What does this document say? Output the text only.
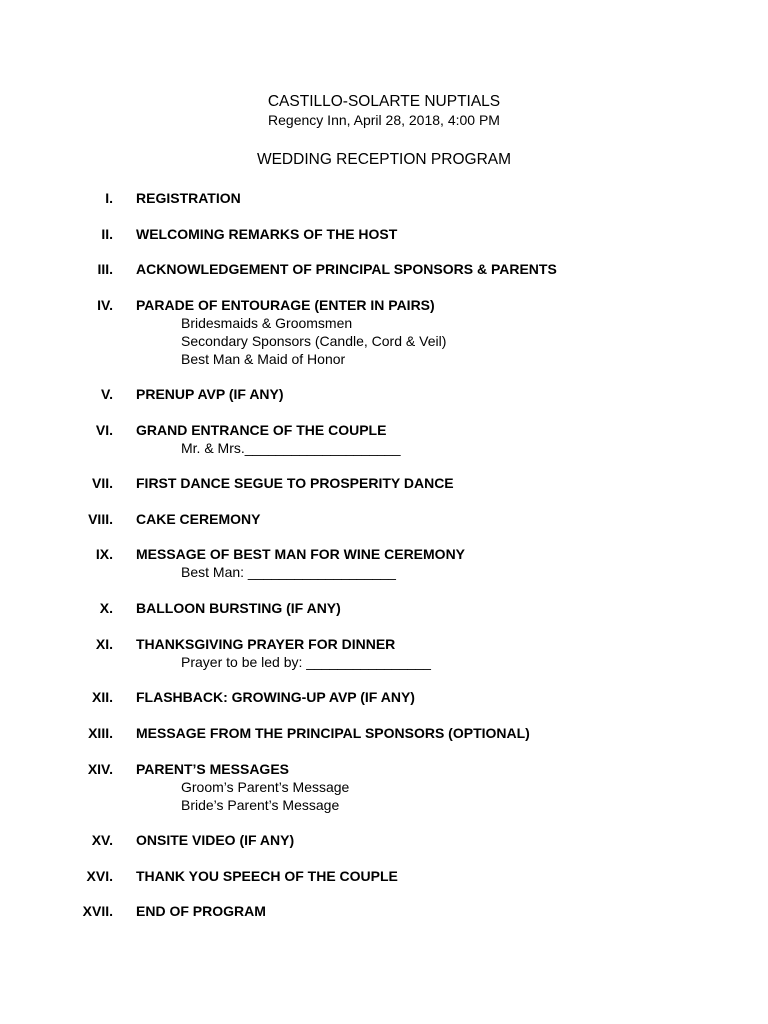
CASTILLO-SOLARTE NUPTIALS
Regency Inn, April 28, 2018, 4:00 PM
WEDDING RECEPTION PROGRAM
I. REGISTRATION
II. WELCOMING REMARKS OF THE HOST
III. ACKNOWLEDGEMENT OF PRINCIPAL SPONSORS & PARENTS
IV. PARADE OF ENTOURAGE (ENTER IN PAIRS)
Bridesmaids & Groomsmen
Secondary Sponsors (Candle, Cord & Veil)
Best Man & Maid of Honor
V. PRENUP AVP (IF ANY)
VI. GRAND ENTRANCE OF THE COUPLE
Mr. & Mrs.____________________
VII. FIRST DANCE SEGUE TO PROSPERITY DANCE
VIII. CAKE CEREMONY
IX. MESSAGE OF BEST MAN FOR WINE CEREMONY
Best Man: ___________________
X. BALLOON BURSTING (IF ANY)
XI. THANKSGIVING PRAYER FOR DINNER
Prayer to be led by: ________________
XII. FLASHBACK: GROWING-UP AVP (IF ANY)
XIII. MESSAGE FROM THE PRINCIPAL SPONSORS (OPTIONAL)
XIV. PARENT’S MESSAGES
Groom’s Parent’s Message
Bride’s Parent’s Message
XV. ONSITE VIDEO (IF ANY)
XVI. THANK YOU SPEECH OF THE COUPLE
XVII. END OF PROGRAM
